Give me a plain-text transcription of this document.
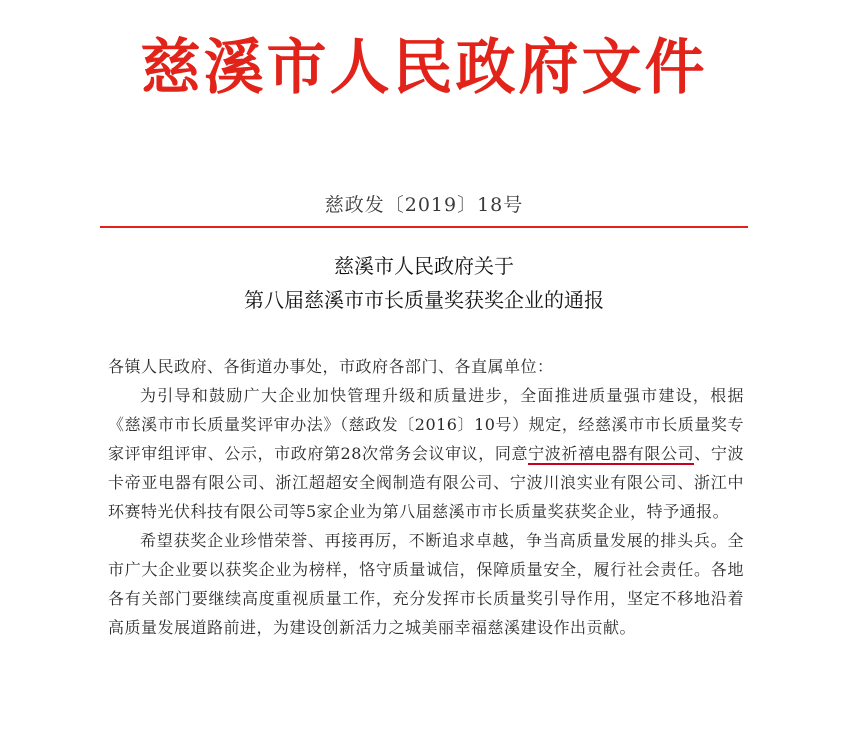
慈溪市人民政府文件
慈政发〔2019〕18号
慈溪市人民政府关于
第八届慈溪市市长质量奖获奖企业的通报

各镇人民政府、各街道办事处，市政府各部门、各直属单位：

为引导和鼓励广大企业加快管理升级和质量进步，全面推进质量强市建设，根据《慈溪市市长质量奖评审办法》（慈政发〔2016〕10号）规定，经慈溪市市长质量奖专家评审组评审、公示，市政府第28次常务会议审议，同意宁波祈禧电器有限公司、宁波卡帝亚电器有限公司、浙江超超安全阀制造有限公司、宁波川浪实业有限公司、浙江中环赛特光伏科技有限公司等5家企业为第八届慈溪市市长质量奖获奖企业，特予通报。

希望获奖企业珍惜荣誉、再接再厉，不断追求卓越，争当高质量发展的排头兵。全市广大企业要以获奖企业为榜样，恪守质量诚信，保障质量安全，履行社会责任。各地各有关部门要继续高度重视质量工作，充分发挥市长质量奖引导作用，坚定不移地沿着高质量发展道路前进，为建设创新活力之城美丽幸福慈溪建设作出贡献。
